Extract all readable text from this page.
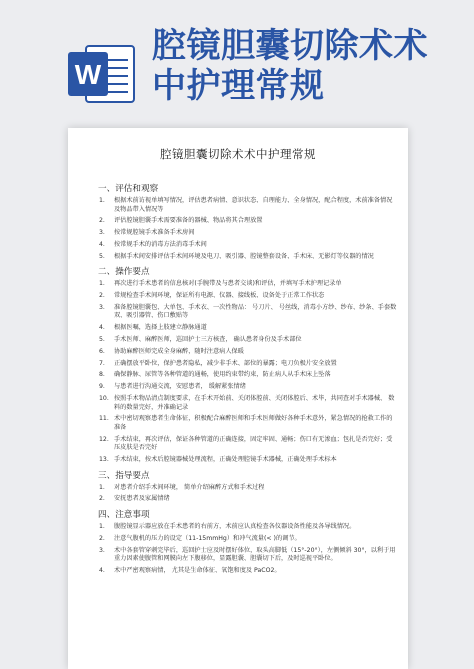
W
腔镜胆囊切除术术
中护理常规
腔镜胆囊切除术术中护理常规
一、评估和观察
1. 根据术前访视单填写情况，评估患者病情、意识状态、自理能力、全身情况，配合程度，术前准备情况及物品带入情况等
2. 评估腔镜胆囊手术需要准备的器械、物品将其合理放置
3. 按常规腔镜手术准备手术房间
4. 按常规手术的消毒方法消毒手术间
5. 根据手术间安排评估手术间环境及电刀、吸引器、腔镜整套设备、手术床、无影灯等仪器的情况
二、操作要点
1. 再次进行手术患者的信息核对(手腕带及与患者交谈)和评估，并填写手术护理记录单
2. 常规检查手术间环境，保证所有电源、仪器、接线板、设备处于正常工作状态
3. 准备腔镜胆囊包、大单包、手术衣、一次性物品： 号刀片、 号丝线，消毒小方纱、纱布、纱条、手套数双、吸引器管、伤口敷贴等
4. 根据医嘱，选择上肢建立静脉通道
5. 手术医师、麻醉医师，巡回护士三方核查， 确认患者身份及手术部位
6. 协助麻醉医师完成全身麻醉，随时注意病人保暖
7. 正确摆放平卧位，保护患者隐私，减少非手术、部位的暴露；电刀负极片安全放置
8. 确保静脉、尿管等各种管道的通畅，使用约束带约束，防止病人从手术床上坠落
9. 与患者进行沟通交流，安慰患者， 缓解紧张情绪
10. 按照手术物品清点制度要求，在手术开始前、关闭体腔前、关闭体腔后、术毕，共同查对手术器械、 数料的数量完好，并准确记录
11. 术中密切观察患者生命体征，积极配合麻醉医师和手术医师做好各种手术意外，紧急情况的抢救工作的准备
12. 手术结束，再次评估，保证各种管道的正确连接，固定牢固、通畅；伤口有无渗血；包扎是否完好；受压皮肤是否完好
13. 手术结束，按术后腔镜器械处理流程，正确处理腔镜手术器械，正确处理手术标本
三、指导要点
1. 对患者介绍手术间环境， 简单介绍麻醉方式和手术过程
2. 安抚患者及家属情绪
四、注意事项
1. 腹腔镜显示器应放在手术患者的右前方，术前应认真检查各仪器设备性能及各导线情况。
2. 注意气腹机的压力的设定（11-15mmHg）和冲气流量(< )的调节。
3. 术中各套管穿刺完毕后，巡回护士应及时摆好体位，取头高脚低（15°-20°），左侧倾斜 30°，以利于用重力因素使腹管和网膜向左下腹移位，显露胆囊、胆囊切下后，及时巡视平卧位。
4. 术中严密观察病情， 尤其是生命体征、氧饱和度及 PaCO2。
